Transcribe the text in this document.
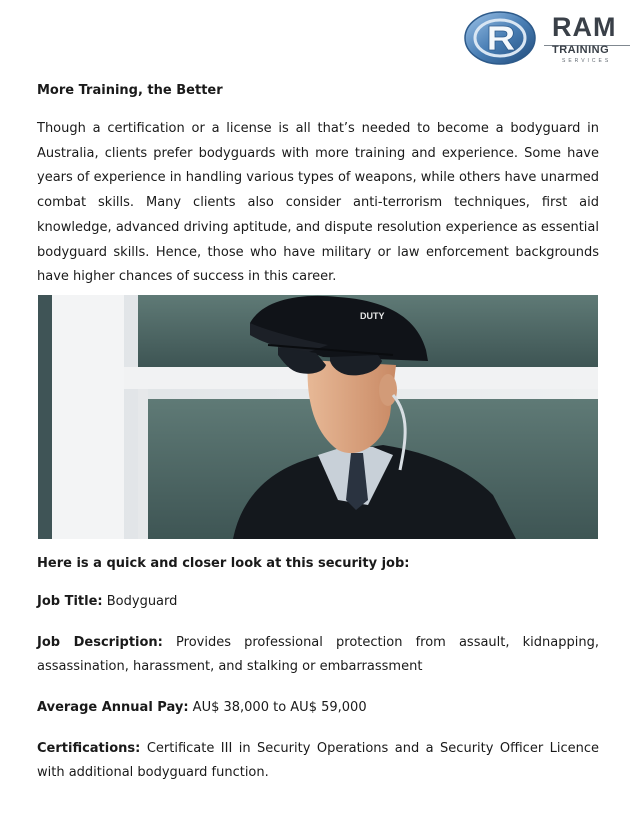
RAM
TRAINING
SERVICES

More Training, the Better

Though a certification or a license is all that’s needed to become a bodyguard in Australia, clients prefer bodyguards with more training and experience. Some have years of experience in handling various types of weapons, while others have unarmed combat skills. Many clients also consider anti-terrorism techniques, first aid knowledge, advanced driving aptitude, and dispute resolution experience as essential bodyguard skills. Hence, those who have military or law enforcement backgrounds have higher chances of success in this career.

DUTY

Here is a quick and closer look at this security job:

Job Title: Bodyguard

Job Description: Provides professional protection from assault, kidnapping,
assassination, harassment, and stalking or embarrassment

Average Annual Pay: AU$ 38,000 to AU$ 59,000

Certifications: Certificate III in Security Operations and a Security Officer Licence with additional bodyguard function.
